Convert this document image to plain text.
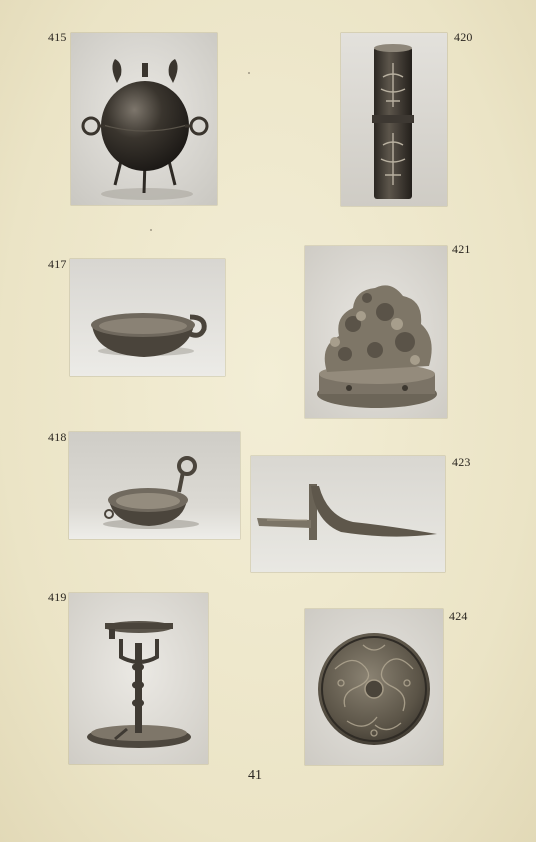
415	420
417
421
418
423
419
424
41
